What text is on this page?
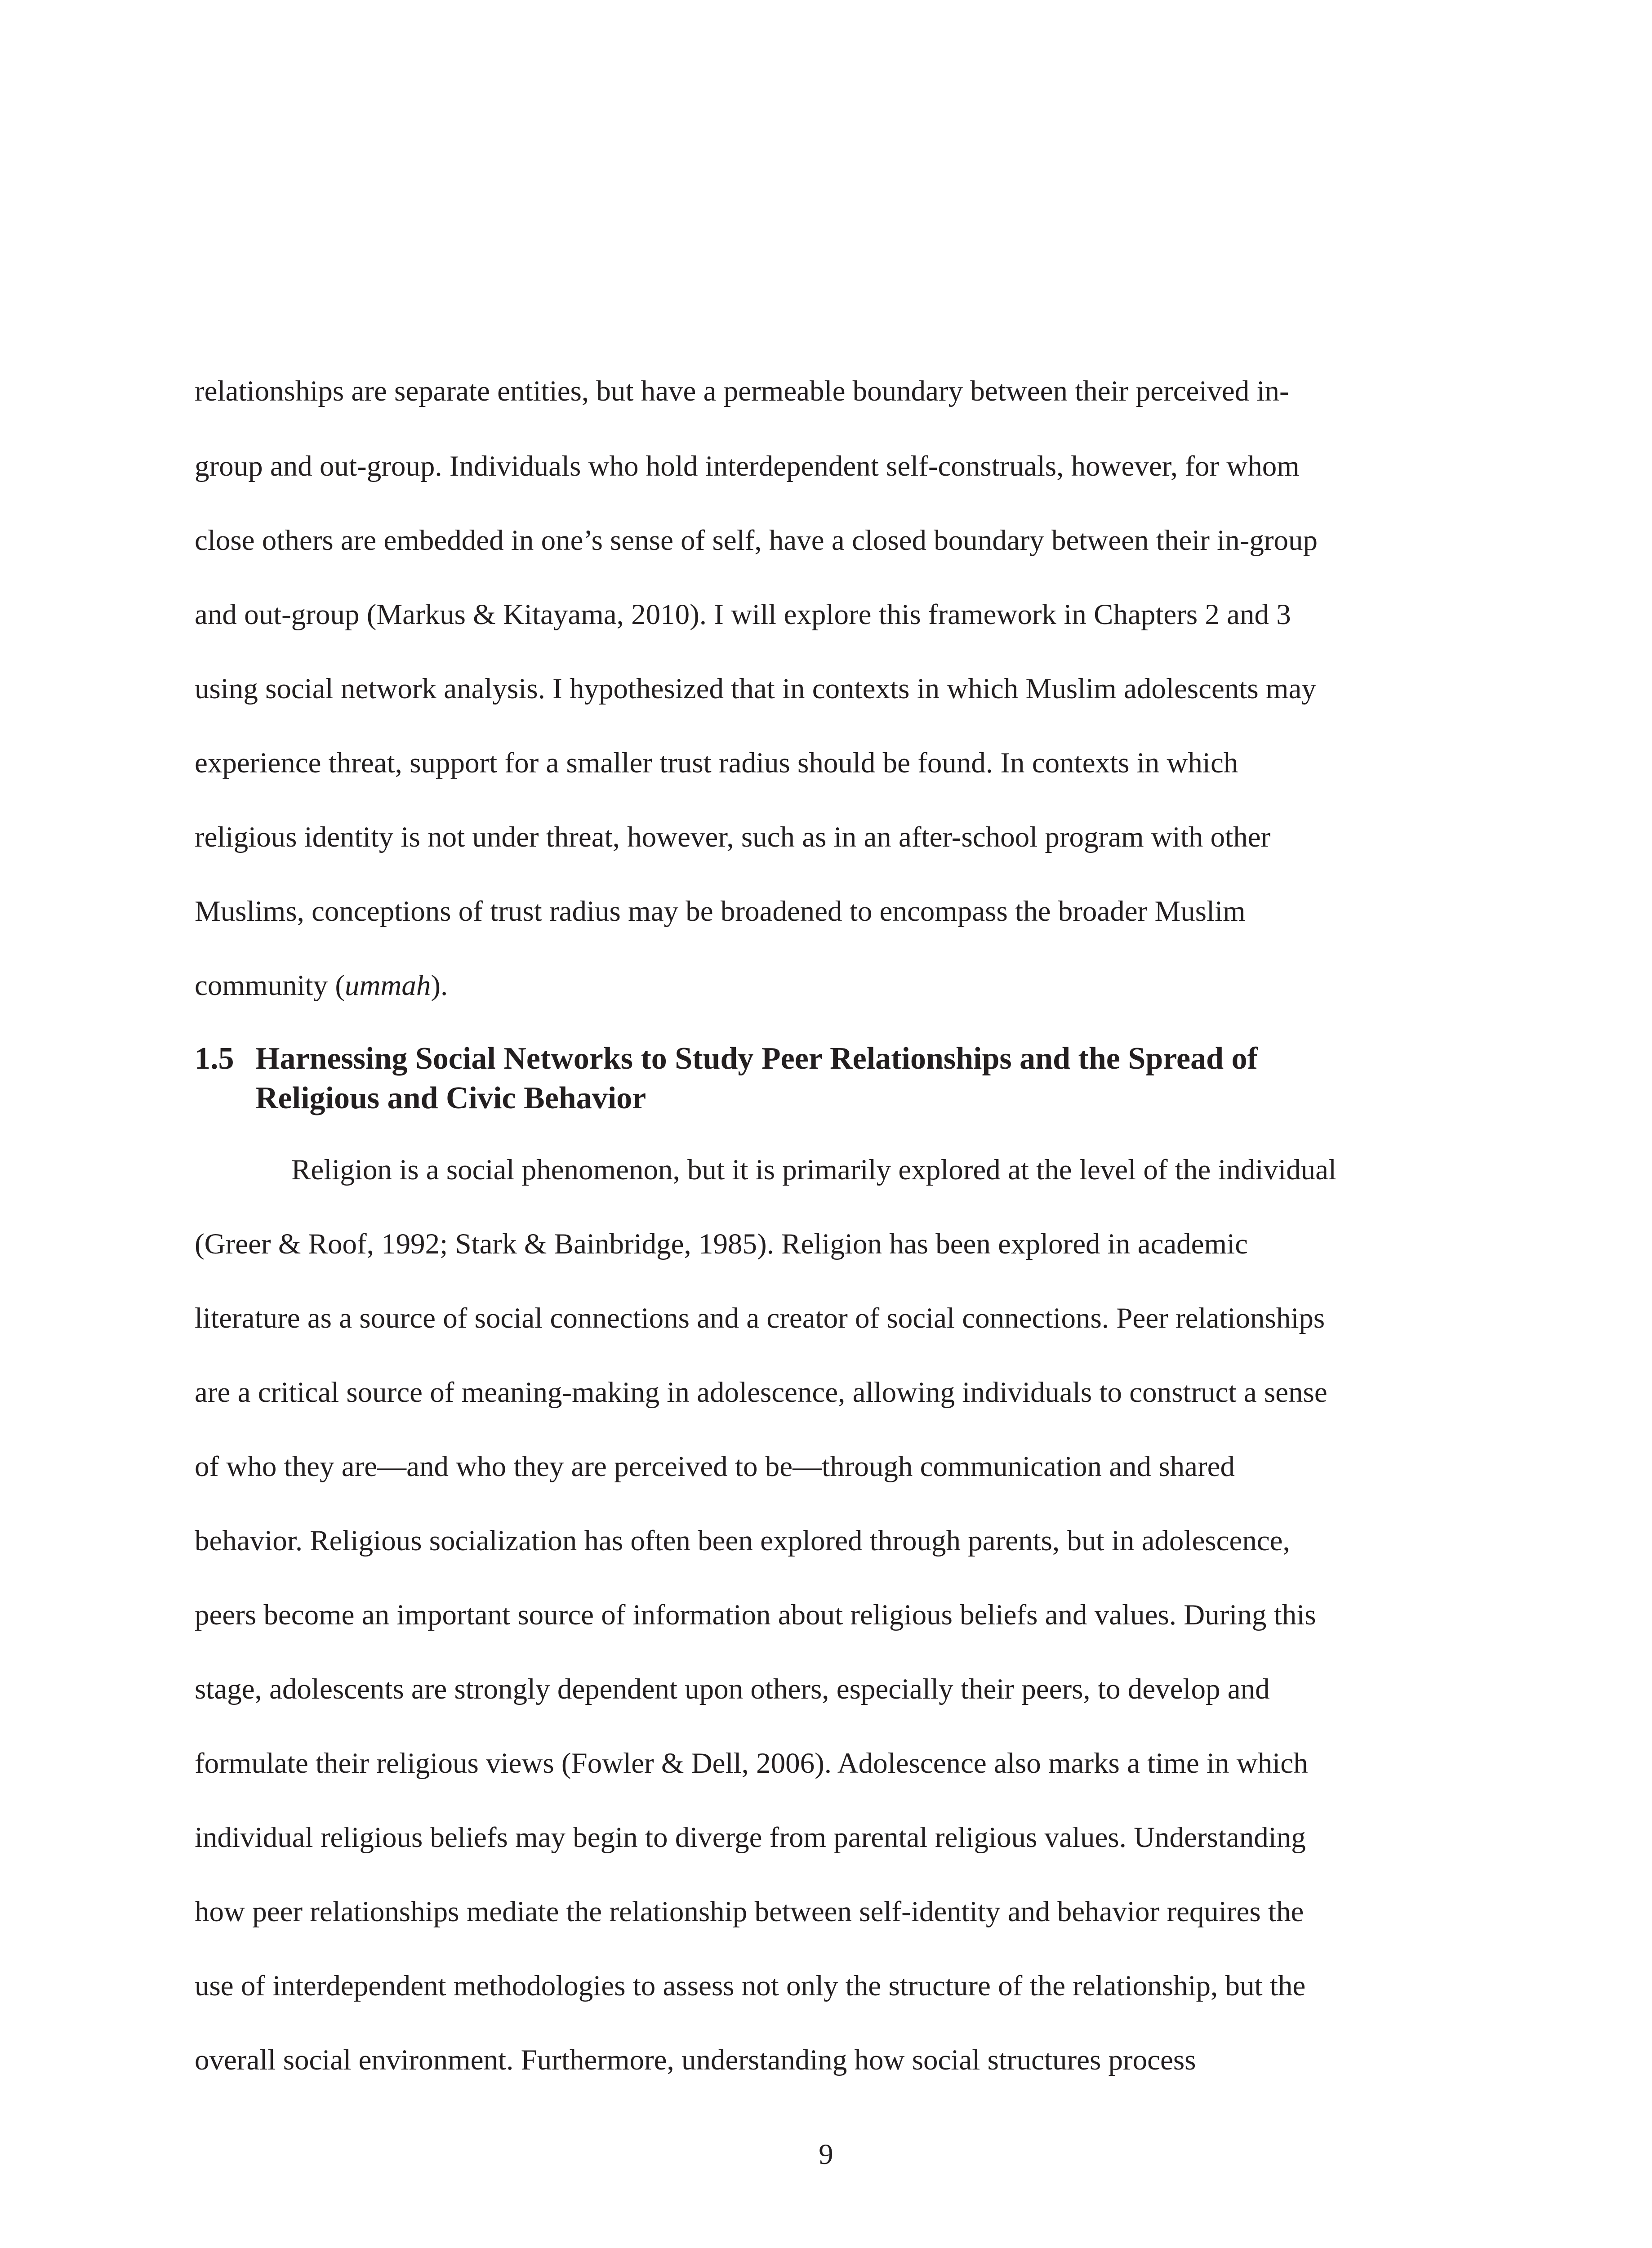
relationships are separate entities, but have a permeable boundary between their perceived in-
group and out-group. Individuals who hold interdependent self-construals, however, for whom
close others are embedded in one’s sense of self, have a closed boundary between their in-group
and out-group (Markus & Kitayama, 2010). I will explore this framework in Chapters 2 and 3
using social network analysis. I hypothesized that in contexts in which Muslim adolescents may
experience threat, support for a smaller trust radius should be found. In contexts in which
religious identity is not under threat, however, such as in an after-school program with other
Muslims, conceptions of trust radius may be broadened to encompass the broader Muslim
community (ummah).
1.5 Harnessing Social Networks to Study Peer Relationships and the Spread of
Religious and Civic Behavior
Religion is a social phenomenon, but it is primarily explored at the level of the individual
(Greer & Roof, 1992; Stark & Bainbridge, 1985). Religion has been explored in academic
literature as a source of social connections and a creator of social connections. Peer relationships
are a critical source of meaning-making in adolescence, allowing individuals to construct a sense
of who they are—and who they are perceived to be—through communication and shared
behavior. Religious socialization has often been explored through parents, but in adolescence,
peers become an important source of information about religious beliefs and values. During this
stage, adolescents are strongly dependent upon others, especially their peers, to develop and
formulate their religious views (Fowler & Dell, 2006). Adolescence also marks a time in which
individual religious beliefs may begin to diverge from parental religious values. Understanding
how peer relationships mediate the relationship between self-identity and behavior requires the
use of interdependent methodologies to assess not only the structure of the relationship, but the
overall social environment. Furthermore, understanding how social structures process
9
